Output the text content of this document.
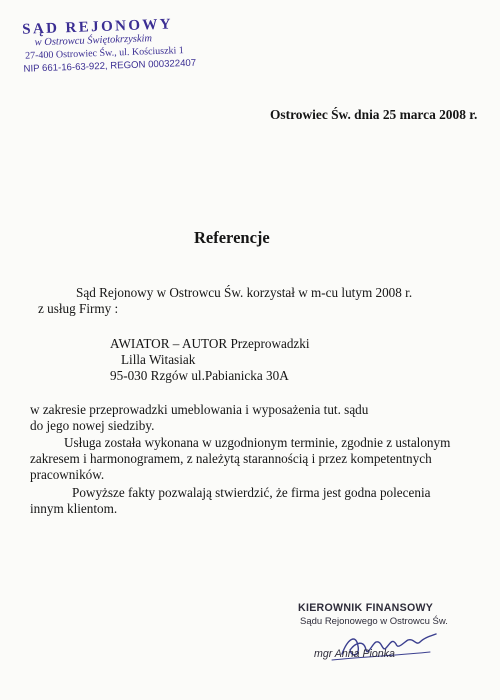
SĄD REJONOWY
w Ostrowcu Świętokrzyskim
27-400 Ostrowiec Św., ul. Kościuszki 1
NIP 661-16-63-922, REGON 000322407
Ostrowiec Św. dnia 25 marca 2008 r.
Referencje
Sąd Rejonowy w Ostrowcu Św. korzystał w m-cu lutym 2008 r.
z usług Firmy :
AWIATOR – AUTOR Przeprowadzki
Lilla Witasiak
95-030 Rzgów ul.Pabianicka 30A
w zakresie przeprowadzki umeblowania i wyposażenia tut. sądu
do jego nowej siedziby.
Usługa została wykonana w uzgodnionym terminie, zgodnie z ustalonym
zakresem i harmonogramem, z należytą starannością i przez kompetentnych
pracowników.
Powyższe fakty pozwalają stwierdzić, że firma jest godna polecenia
innym klientom.
KIEROWNIK FINANSOWY
Sądu Rejonowego w Ostrowcu Św.
mgr Anna Pionka
